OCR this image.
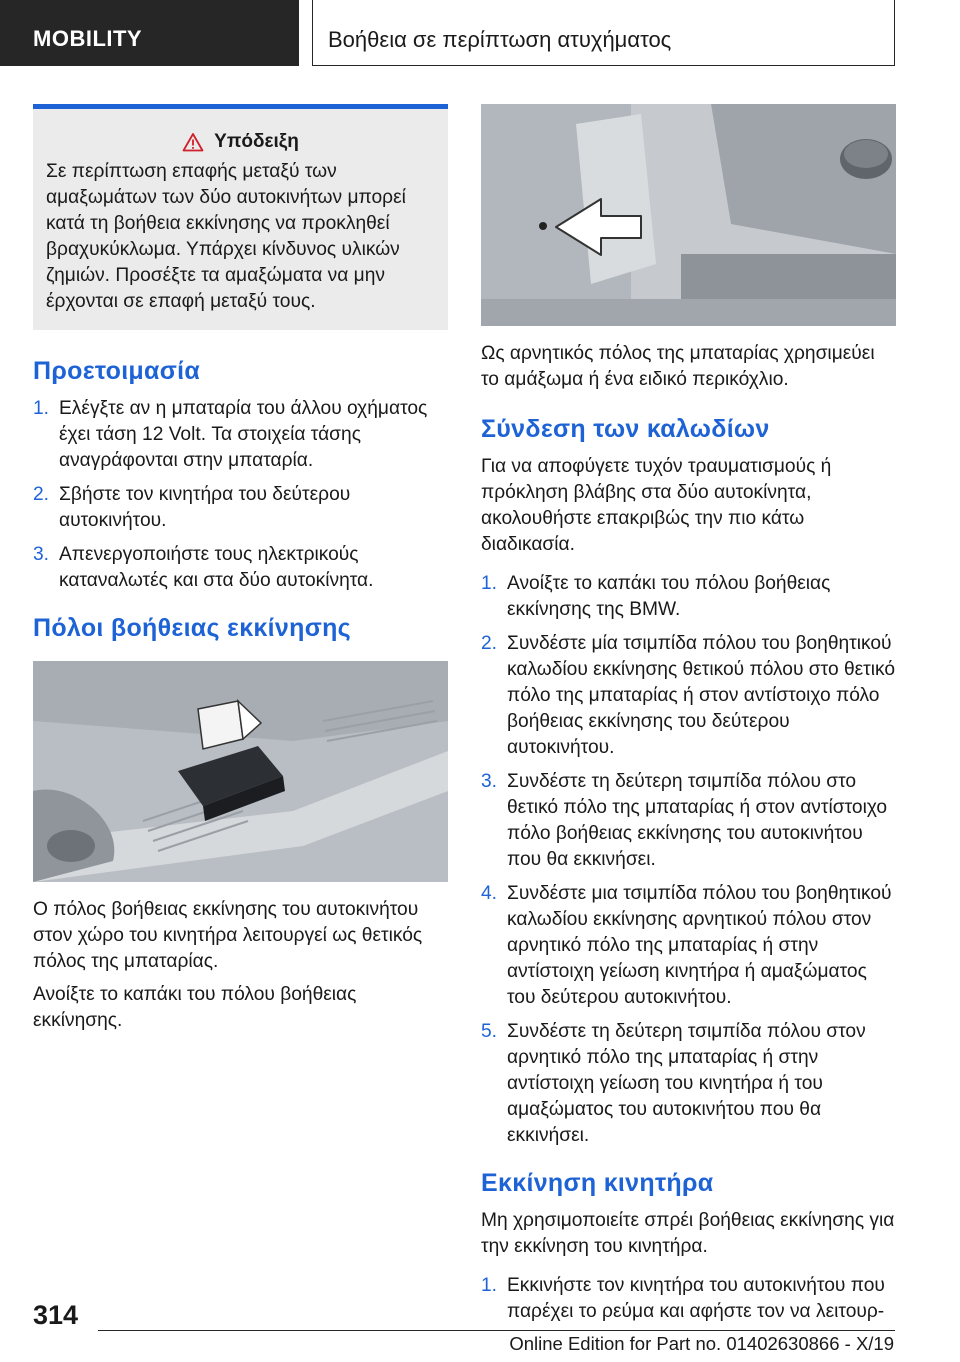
MOBILITY	Βοήθεια σε περίπτωση ατυχήματος
Υπόδειξη
Σε περίπτωση επαφής μεταξύ των αμαξωμάτων των δύο αυτοκινήτων μπορεί κατά τη βοήθεια εκκίνησης να προκληθεί βραχυκύκλωμα. Υπάρχει κίνδυνος υλικών ζημιών. Προσέξτε τα αμαξώματα να μην έρχονται σε επαφή μεταξύ τους.
Προετοιμασία
1. Ελέγξτε αν η μπαταρία του άλλου οχήματος έχει τάση 12 Volt. Τα στοιχεία τάσης αναγράφονται στην μπαταρία.
2. Σβήστε τον κινητήρα του δεύτερου αυτοκινήτου.
3. Απενεργοποιήστε τους ηλεκτρικούς καταναλωτές και στα δύο αυτοκίνητα.
Πόλοι βοήθειας εκκίνησης

Ο πόλος βοήθειας εκκίνησης του αυτοκινήτου στον χώρο του κινητήρα λειτουργεί ως θετικός πόλος της μπαταρίας.

Ανοίξτε το καπάκι του πόλου βοήθειας εκκίνησης.

Ως αρνητικός πόλος της μπαταρίας χρησιμεύει το αμάξωμα ή ένα ειδικό περικόχλιο.

Σύνδεση των καλωδίων

Για να αποφύγετε τυχόν τραυματισμούς ή πρόκληση βλάβης στα δύο αυτοκίνητα, ακολουθήστε επακριβώς την πιο κάτω διαδικασία.

1. Ανοίξτε το καπάκι του πόλου βοήθειας εκκίνησης της BMW.
2. Συνδέστε μία τσιμπίδα πόλου του βοηθητικού καλωδίου εκκίνησης θετικού πόλου στο θετικό πόλο της μπαταρίας ή στον αντίστοιχο πόλο βοήθειας εκκίνησης του δεύτερου αυτοκινήτου.
3. Συνδέστε τη δεύτερη τσιμπίδα πόλου στο θετικό πόλο της μπαταρίας ή στον αντίστοιχο πόλο βοήθειας εκκίνησης του αυτοκινήτου που θα εκκινήσει.
4. Συνδέστε μια τσιμπίδα πόλου του βοηθητικού καλωδίου εκκίνησης αρνητικού πόλου στον αρνητικό πόλο της μπαταρίας ή στην αντίστοιχη γείωση κινητήρα ή αμαξώματος του δεύτερου αυτοκινήτου.
5. Συνδέστε τη δεύτερη τσιμπίδα πόλου στον αρνητικό πόλο της μπαταρίας ή στην αντίστοιχη γείωση του κινητήρα ή του αμαξώματος του αυτοκινήτου που θα εκκινήσει.
Εκκίνηση κινητήρα

Μη χρησιμοποιείτε σπρέι βοήθειας εκκίνησης για την εκκίνηση του κινητήρα.

1. Εκκινήστε τον κινητήρα του αυτοκινήτου που παρέχει το ρεύμα και αφήστε τον να λειτουρ-
314
Online Edition for Part no. 01402630866 - X/19
